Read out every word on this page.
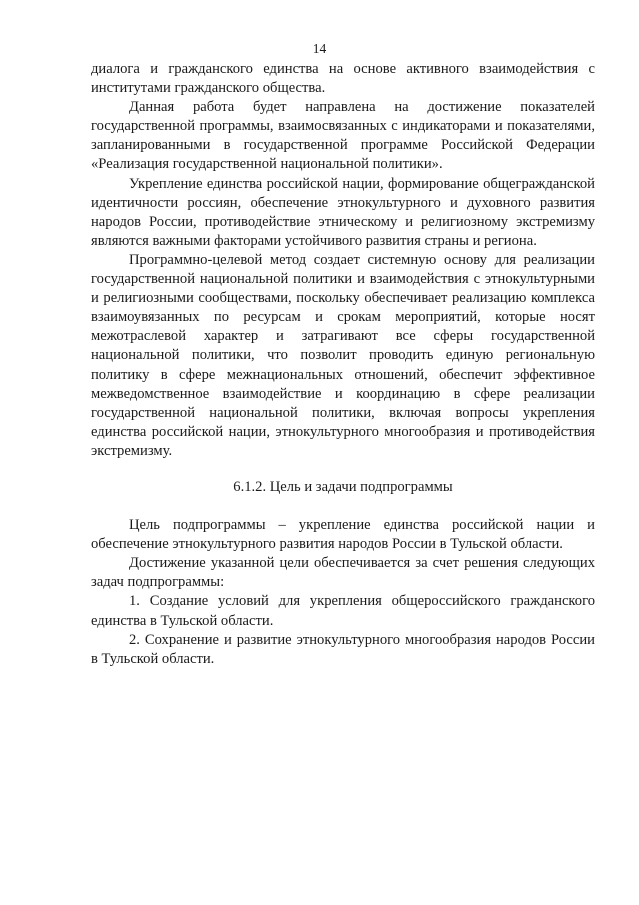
14

диалога и гражданского единства на основе активного взаимодействия с институтами гражданского общества.

Данная работа будет направлена на достижение показателей государственной программы, взаимосвязанных с индикаторами и показателями, запланированными в государственной программе Российской Федерации «Реализация государственной национальной политики».

Укрепление единства российской нации, формирование общегражданской идентичности россиян, обеспечение этнокультурного и духовного развития народов России, противодействие этническому и религиозному экстремизму являются важными факторами устойчивого развития страны и региона.

Программно-целевой метод создает системную основу для реализации государственной национальной политики и взаимодействия с этнокультурными и религиозными сообществами, поскольку обеспечивает реализацию комплекса взаимоувязанных по ресурсам и срокам мероприятий, которые носят межотраслевой характер и затрагивают все сферы государственной национальной политики, что позволит проводить единую региональную политику в сфере межнациональных отношений, обеспечит эффективное межведомственное взаимодействие и координацию в сфере реализации государственной национальной политики, включая вопросы укрепления единства российской нации, этнокультурного многообразия и противодействия экстремизму.

6.1.2. Цель и задачи подпрограммы

Цель подпрограммы – укрепление единства российской нации и обеспечение этнокультурного развития народов России в Тульской области.

Достижение указанной цели обеспечивается за счет решения следующих задач подпрограммы:

1. Создание условий для укрепления общероссийского гражданского единства в Тульской области.

2. Сохранение и развитие этнокультурного многообразия народов России в Тульской области.
